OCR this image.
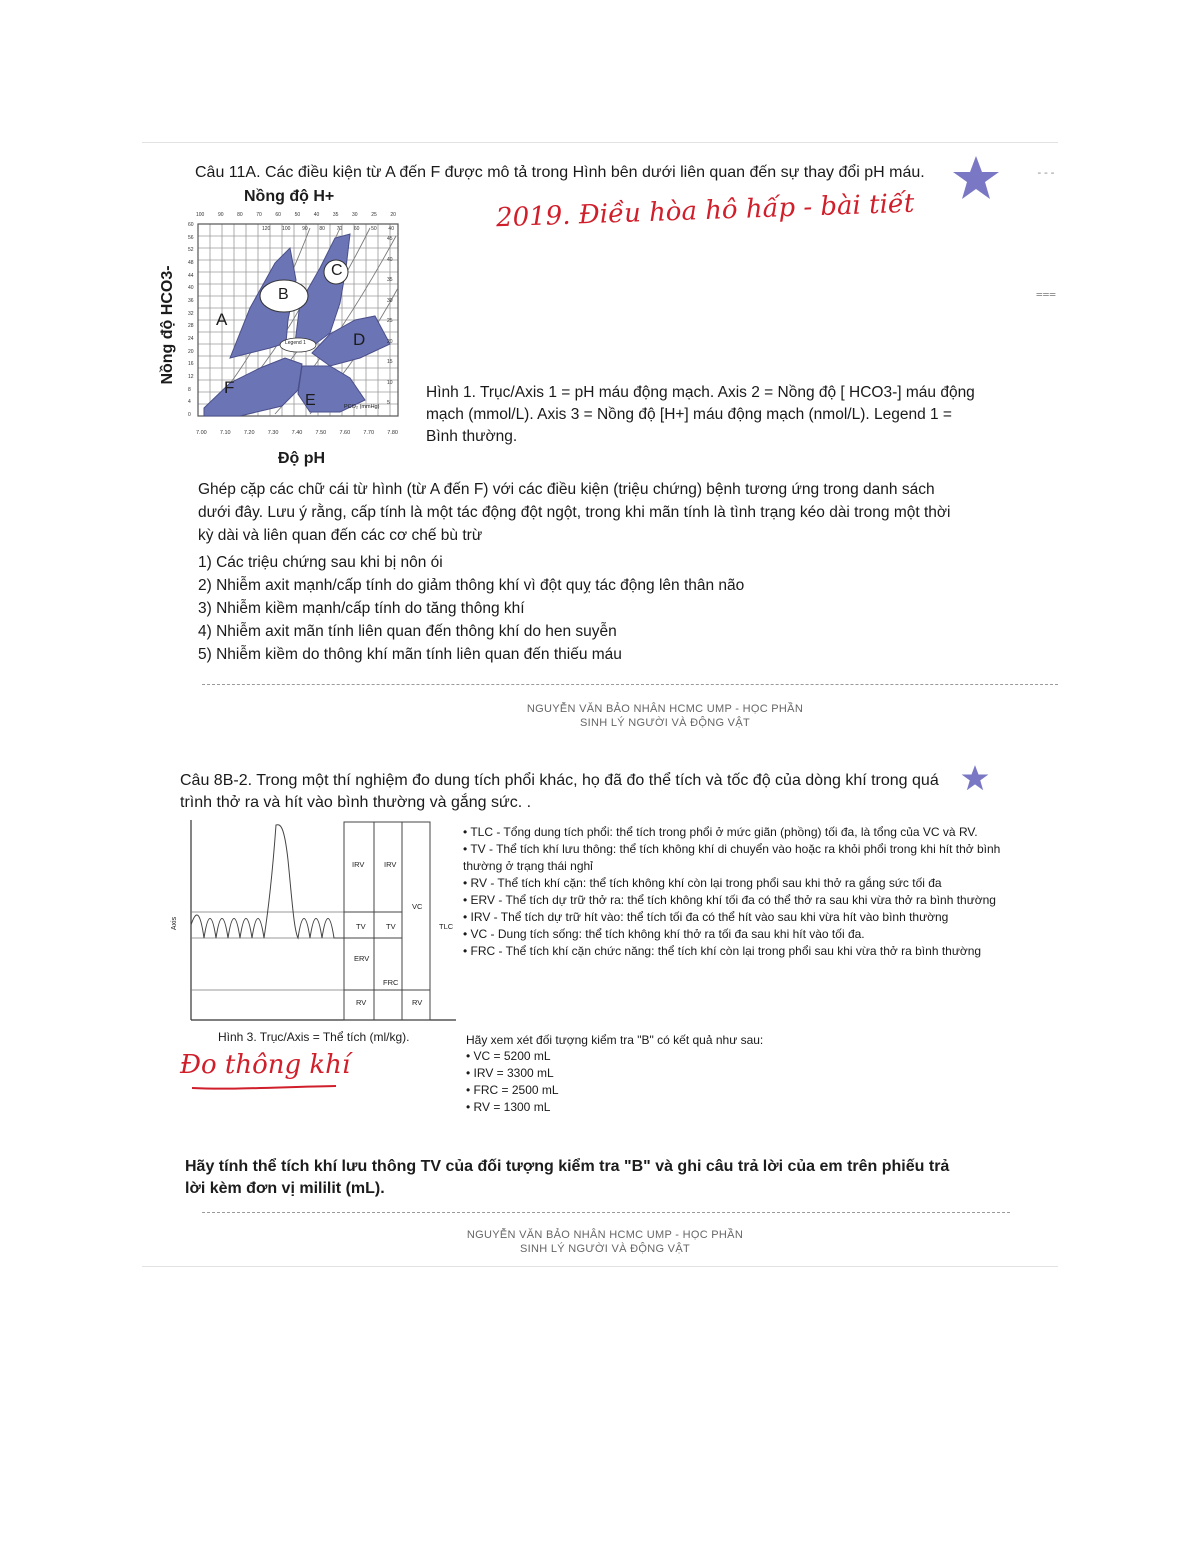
---
===
Câu 11A. Các điều kiện từ A đến F được mô tả trong Hình bên dưới liên quan đến sự thay đổi pH máu.
2019. Điều hòa hô hấp - bài tiết
Nồng độ H+
Nồng độ HCO3-	B
C
A
D
F
E
Legend 1
PCO₂ (mmHg)
100	90	80	70	60	50	40	35	30	25	20
120 100 90 80 70 60 50 40
60
56
52
48
44
40
36
32
28
24
20
16
12
8
4
0
45
40
35
30
25
20
15
10
5
7.00 7.10 7.20 7.30 7.40 7.50 7.60 7.70 7.80
Độ pH
Hình 1. Trục/Axis 1 = pH máu động mạch. Axis 2 = Nồng độ [ HCO3-] máu động mạch (mmol/L). Axis 3 = Nồng độ [H+] máu động mạch (nmol/L). Legend 1 = Bình thường.
Ghép cặp các chữ cái từ hình (từ A đến F) với các điều kiện (triệu chứng) bệnh tương ứng trong danh sách dưới đây. Lưu ý rằng, cấp tính là một tác động đột ngột, trong khi mãn tính là tình trạng kéo dài trong một thời kỳ dài và liên quan đến các cơ chế bù trừ
1) Các triệu chứng sau khi bị nôn ói
2) Nhiễm axit mạnh/cấp tính do giảm thông khí vì đột quỵ tác động lên thân não
3) Nhiễm kiềm mạnh/cấp tính do tăng thông khí
4) Nhiễm axit mãn tính liên quan đến thông khí do hen suyễn
5) Nhiễm kiềm do thông khí mãn tính liên quan đến thiếu máu
NGUYỄN VĂN BẢO NHÂN HCMC UMP - HỌC PHẦN
SINH LÝ NGƯỜI VÀ ĐỘNG VẬT
Câu 8B-2. Trong một thí nghiệm đo dung tích phổi khác, họ đã đo thể tích và tốc độ của dòng khí trong quá trình thở ra và hít vào bình thường và gắng sức. .
Axis
IRV	IRV
TV	TV
VC
TLC
ERV
FRC
RV	RV
Hình 3. Trục/Axis = Thể tích (ml/kg).
Đo thông khí
• TLC - Tổng dung tích phổi: thể tích trong phổi ở mức giãn (phồng) tối đa, là tổng của VC và RV.
• TV - Thể tích khí lưu thông: thể tích không khí di chuyển vào hoặc ra khỏi phổi trong khi hít thở bình thường ở trạng thái nghỉ
• RV - Thể tích khí cặn: thể tích không khí còn lại trong phổi sau khi thở ra gắng sức tối đa
• ERV - Thể tích dự trữ thở ra: thể tích không khí tối đa có thể thở ra sau khi vừa thở ra bình thường
• IRV - Thể tích dự trữ hít vào: thể tích tối đa có thể hít vào sau khi vừa hít vào bình thường
• VC - Dung tích sống: thể tích không khí thở ra tối đa sau khi hít vào tối đa.
• FRC - Thể tích khí cặn chức năng: thể tích khí còn lại trong phổi sau khi vừa thở ra bình thường
Hãy xem xét đối tượng kiểm tra "B" có kết quả như sau:
• VC = 5200 mL
• IRV = 3300 mL
• FRC = 2500 mL
• RV = 1300 mL
Hãy tính thể tích khí lưu thông TV của đối tượng kiểm tra "B" và ghi câu trả lời của em trên phiếu trả lời kèm đơn vị mililit (mL).
NGUYỄN VĂN BẢO NHÂN HCMC UMP - HỌC PHẦN
SINH LÝ NGƯỜI VÀ ĐỘNG VẬT
